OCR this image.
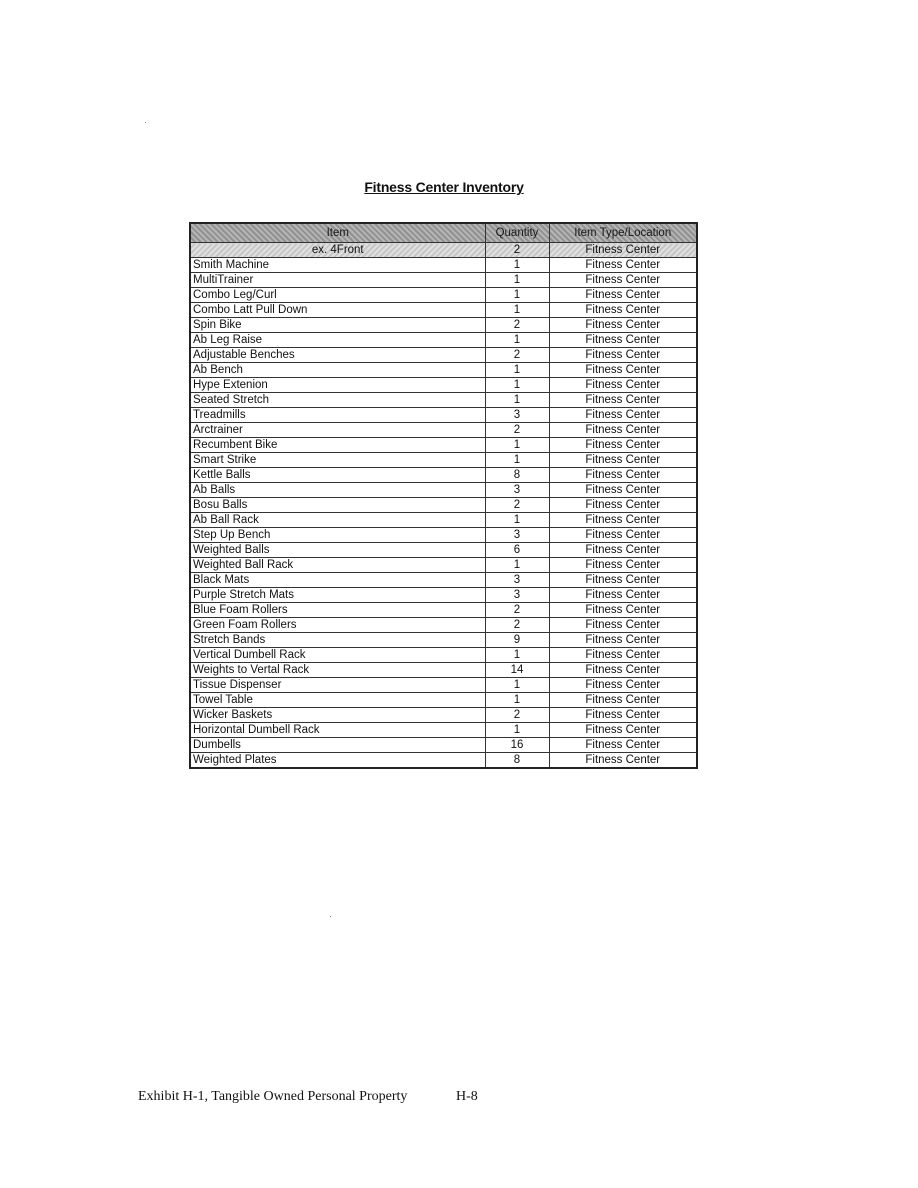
Fitness Center Inventory
Item	Quantity	Item Type/Location
ex. 4Front	2	Fitness Center
Smith Machine	1	Fitness Center
MultiTrainer	1	Fitness Center
Combo Leg/Curl	1	Fitness Center
Combo Latt Pull Down	1	Fitness Center
Spin Bike	2	Fitness Center
Ab Leg Raise	1	Fitness Center
Adjustable Benches	2	Fitness Center
Ab Bench	1	Fitness Center
Hype Extenion	1	Fitness Center
Seated Stretch	1	Fitness Center
Treadmills	3	Fitness Center
Arctrainer	2	Fitness Center
Recumbent Bike	1	Fitness Center
Smart Strike	1	Fitness Center
Kettle Balls	8	Fitness Center
Ab Balls	3	Fitness Center
Bosu Balls	2	Fitness Center
Ab Ball Rack	1	Fitness Center
Step Up Bench	3	Fitness Center
Weighted Balls	6	Fitness Center
Weighted Ball Rack	1	Fitness Center
Black Mats	3	Fitness Center
Purple Stretch Mats	3	Fitness Center
Blue Foam Rollers	2	Fitness Center
Green Foam Rollers	2	Fitness Center
Stretch Bands	9	Fitness Center
Vertical Dumbell Rack	1	Fitness Center
Weights to Vertal Rack	14	Fitness Center
Tissue Dispenser	1	Fitness Center
Towel Table	1	Fitness Center
Wicker Baskets	2	Fitness Center
Horizontal Dumbell Rack	1	Fitness Center
Dumbells	16	Fitness Center
Weighted Plates	8	Fitness Center
Exhibit H-1, Tangible Owned Personal Property	H-8
